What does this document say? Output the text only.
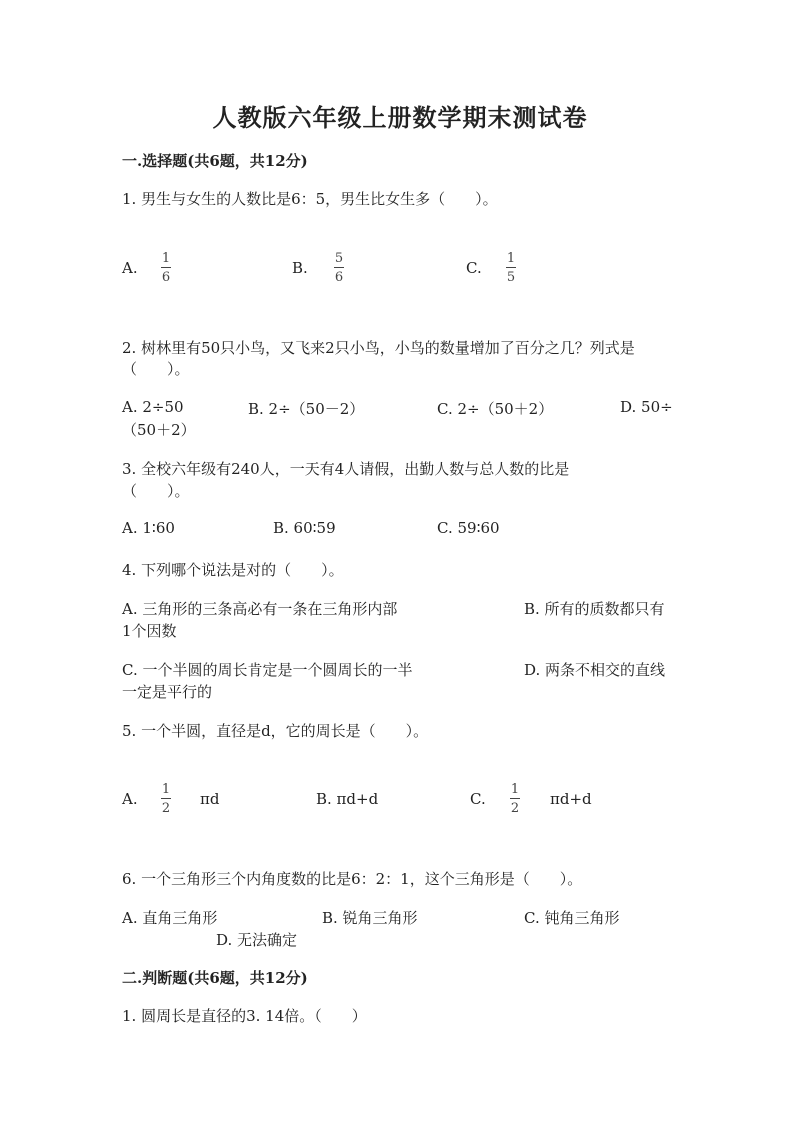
人教版六年级上册数学期末测试卷
一.选择题(共6题，共12分)
1. 男生与女生的人数比是6：5，男生比女生多（　　）。
A.
1
6
B.
5
6
C.
1
5
2. 树林里有50只小鸟，又飞来2只小鸟，小鸟的数量增加了百分之几？列式是
（　　）。
A. 2÷50	B. 2÷（50－2）	C. 2÷（50＋2）	D. 50÷
（50＋2）
3. 全校六年级有240人，一天有4人请假，出勤人数与总人数的比是
（　　）。
A. 1∶60	B. 60∶59	C. 59∶60
4. 下列哪个说法是对的（　　）。
A. 三角形的三条高必有一条在三角形内部	B. 所有的质数都只有
1个因数
C. 一个半圆的周长肯定是一个圆周长的一半	D. 两条不相交的直线
一定是平行的
5. 一个半圆，直径是d，它的周长是（　　）。
A.
1
2
πd	B. πd+d	C.
1
2
πd+d
6. 一个三角形三个内角度数的比是6：2：1，这个三角形是（　　）。
A. 直角三角形	B. 锐角三角形	C. 钝角三角形
D. 无法确定
二.判断题(共6题，共12分)
1. 圆周长是直径的3. 14倍。（　　）
